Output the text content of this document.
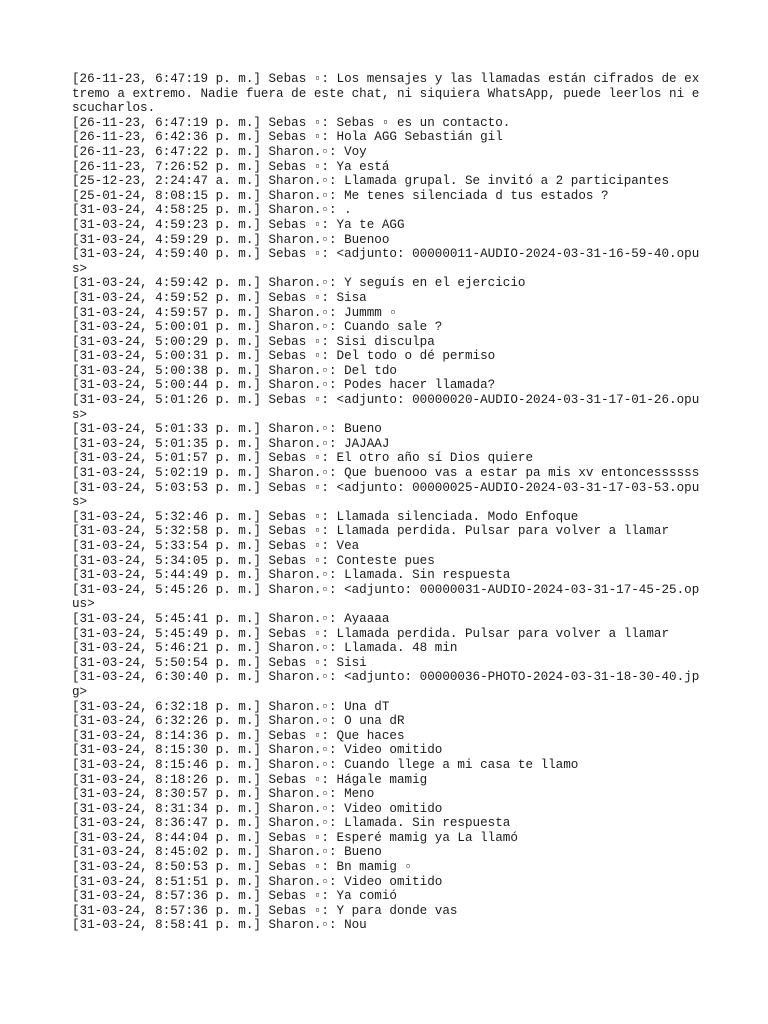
[26-11-23, 6:47:19 p. m.] Sebas ▫: Los mensajes y las llamadas están cifrados de extremo a extremo. Nadie fuera de este chat, ni siquiera WhatsApp, puede leerlos ni escucharlos.
[26-11-23, 6:47:19 p. m.] Sebas ▫: Sebas ▫ es un contacto.
[26-11-23, 6:42:36 p. m.] Sebas ▫: Hola AGG Sebastián gil
[26-11-23, 6:47:22 p. m.] Sharon.▫: Voy
[26-11-23, 7:26:52 p. m.] Sebas ▫: Ya está
[25-12-23, 2:24:47 a. m.] Sharon.▫: Llamada grupal. Se invitó a 2 participantes
[25-01-24, 8:08:15 p. m.] Sharon.▫: Me tenes silenciada d tus estados ?
[31-03-24, 4:58:25 p. m.] Sharon.▫: .
[31-03-24, 4:59:23 p. m.] Sebas ▫: Ya te AGG
[31-03-24, 4:59:29 p. m.] Sharon.▫: Buenoo
[31-03-24, 4:59:40 p. m.] Sebas ▫: <adjunto: 00000011-AUDIO-2024-03-31-16-59-40.opus>
[31-03-24, 4:59:42 p. m.] Sharon.▫: Y seguís en el ejercicio
[31-03-24, 4:59:52 p. m.] Sebas ▫: Sisa
[31-03-24, 4:59:57 p. m.] Sharon.▫: Jummm ▫
[31-03-24, 5:00:01 p. m.] Sharon.▫: Cuando sale ?
[31-03-24, 5:00:29 p. m.] Sebas ▫: Sisi disculpa
[31-03-24, 5:00:31 p. m.] Sebas ▫: Del todo o dé permiso
[31-03-24, 5:00:38 p. m.] Sharon.▫: Del tdo
[31-03-24, 5:00:44 p. m.] Sharon.▫: Podes hacer llamada?
[31-03-24, 5:01:26 p. m.] Sebas ▫: <adjunto: 00000020-AUDIO-2024-03-31-17-01-26.opus>
[31-03-24, 5:01:33 p. m.] Sharon.▫: Bueno
[31-03-24, 5:01:35 p. m.] Sharon.▫: JAJAAJ
[31-03-24, 5:01:57 p. m.] Sebas ▫: El otro año sí Dios quiere
[31-03-24, 5:02:19 p. m.] Sharon.▫: Que buenooo vas a estar pa mis xv entoncessssss
[31-03-24, 5:03:53 p. m.] Sebas ▫: <adjunto: 00000025-AUDIO-2024-03-31-17-03-53.opus>
[31-03-24, 5:32:46 p. m.] Sebas ▫: Llamada silenciada. Modo Enfoque
[31-03-24, 5:32:58 p. m.] Sebas ▫: Llamada perdida. Pulsar para volver a llamar
[31-03-24, 5:33:54 p. m.] Sebas ▫: Vea
[31-03-24, 5:34:05 p. m.] Sebas ▫: Conteste pues
[31-03-24, 5:44:49 p. m.] Sharon.▫: Llamada. Sin respuesta
[31-03-24, 5:45:26 p. m.] Sharon.▫: <adjunto: 00000031-AUDIO-2024-03-31-17-45-25.opus>
[31-03-24, 5:45:41 p. m.] Sharon.▫: Ayaaaa
[31-03-24, 5:45:49 p. m.] Sebas ▫: Llamada perdida. Pulsar para volver a llamar
[31-03-24, 5:46:21 p. m.] Sharon.▫: Llamada. 48 min
[31-03-24, 5:50:54 p. m.] Sebas ▫: Sisi
[31-03-24, 6:30:40 p. m.] Sharon.▫: <adjunto: 00000036-PHOTO-2024-03-31-18-30-40.jpg>
[31-03-24, 6:32:18 p. m.] Sharon.▫: Una dT
[31-03-24, 6:32:26 p. m.] Sharon.▫: O una dR
[31-03-24, 8:14:36 p. m.] Sebas ▫: Que haces
[31-03-24, 8:15:30 p. m.] Sharon.▫: Video omitido
[31-03-24, 8:15:46 p. m.] Sharon.▫: Cuando llege a mi casa te llamo
[31-03-24, 8:18:26 p. m.] Sebas ▫: Hágale mamig
[31-03-24, 8:30:57 p. m.] Sharon.▫: Meno
[31-03-24, 8:31:34 p. m.] Sharon.▫: Video omitido
[31-03-24, 8:36:47 p. m.] Sharon.▫: Llamada. Sin respuesta
[31-03-24, 8:44:04 p. m.] Sebas ▫: Esperé mamig ya La llamó
[31-03-24, 8:45:02 p. m.] Sharon.▫: Bueno
[31-03-24, 8:50:53 p. m.] Sebas ▫: Bn mamig ▫
[31-03-24, 8:51:51 p. m.] Sharon.▫: Video omitido
[31-03-24, 8:57:36 p. m.] Sebas ▫: Ya comió
[31-03-24, 8:57:36 p. m.] Sebas ▫: Y para donde vas
[31-03-24, 8:58:41 p. m.] Sharon.▫: Nou
